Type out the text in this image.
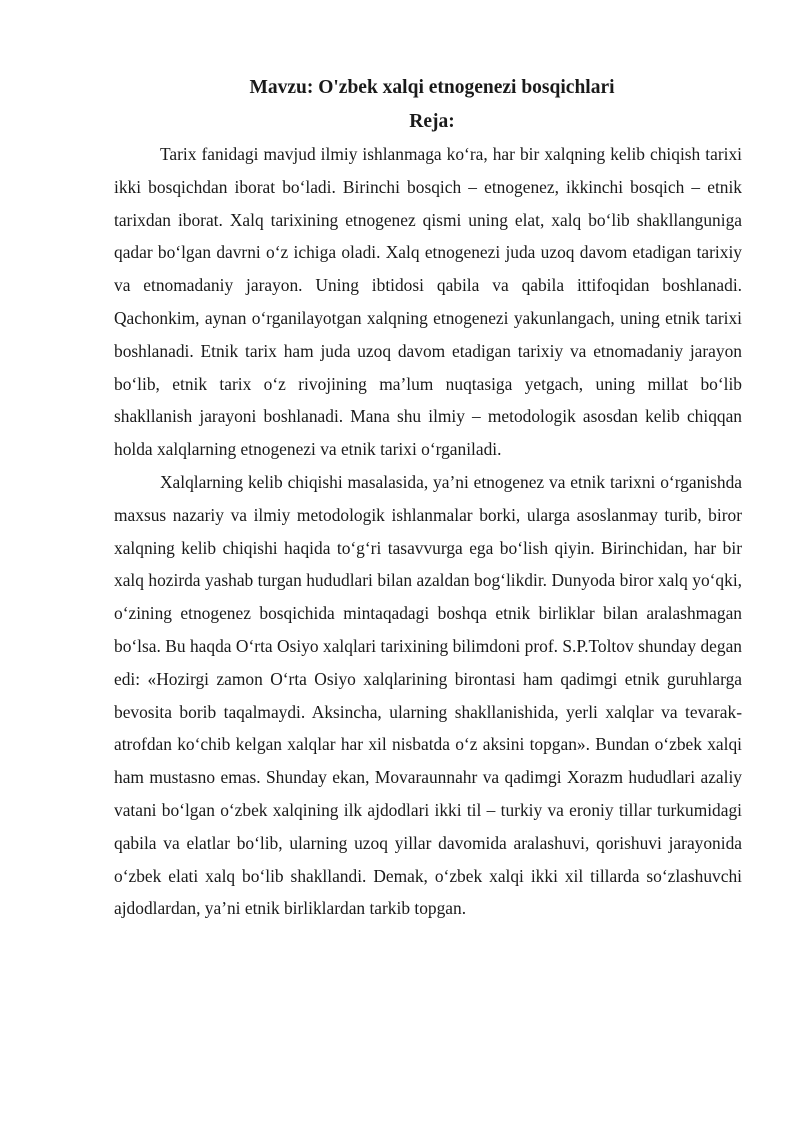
Mavzu: O'zbek xalqi etnogenezi bosqichlari
Reja:

Tarix fanidagi mavjud ilmiy ishlanmaga ko‘ra, har bir xalqning kelib chiqish tarixi ikki bosqichdan iborat bo‘ladi. Birinchi bosqich – etnogenez, ikkinchi bosqich – etnik tarixdan iborat. Xalq tarixining etnogenez qismi uning elat, xalq bo‘lib shakllanguniga qadar bo‘lgan davrni o‘z ichiga oladi. Xalq etnogenezi juda uzoq davom etadigan tarixiy va etnomadaniy jarayon. Uning ibtidosi qabila va qabila ittifoqidan boshlanadi. Qachonkim, aynan o‘rganilayotgan xalqning etnogenezi yakunlangach, uning etnik tarixi boshlanadi. Etnik tarix ham juda uzoq davom etadigan tarixiy va etnomadaniy jarayon bo‘lib, etnik tarix o‘z rivojining ma’lum nuqtasiga yetgach, uning millat bo‘lib shakllanish jarayoni boshlanadi. Mana shu ilmiy – metodologik asosdan kelib chiqqan holda xalqlarning etnogenezi va etnik tarixi o‘rganiladi.

Xalqlarning kelib chiqishi masalasida, ya’ni etnogenez va etnik tarixni o‘rganishda maxsus nazariy va ilmiy metodologik ishlanmalar borki, ularga asoslanmay turib, biror xalqning kelib chiqishi haqida to‘g‘ri tasavvurga ega bo‘lish qiyin. Birinchidan, har bir xalq hozirda yashab turgan hududlari bilan azaldan bog‘likdir. Dunyoda biror xalq yo‘qki, o‘zining etnogenez bosqichida mintaqadagi boshqa etnik birliklar bilan aralashmagan bo‘lsa. Bu haqda O‘rta Osiyo xalqlari tarixining bilimdoni prof. S.P.Toltov shunday degan edi: «Hozirgi zamon O‘rta Osiyo xalqlarining birontasi ham qadimgi etnik guruhlarga bevosita borib taqalmaydi. Aksincha, ularning shakllanishida, yerli xalqlar va tevarak-atrofdan ko‘chib kelgan xalqlar har xil nisbatda o‘z aksini topgan». Bundan o‘zbek xalqi ham mustasno emas. Shunday ekan, Movaraunnahr va qadimgi Xorazm hududlari azaliy vatani bo‘lgan o‘zbek xalqining ilk ajdodlari ikki til – turkiy va eroniy tillar turkumidagi qabila va elatlar bo‘lib, ularning uzoq yillar davomida aralashuvi, qorishuvi jarayonida o‘zbek elati xalq bo‘lib shakllandi. Demak, o‘zbek xalqi ikki xil tillarda so‘zlashuvchi ajdodlardan, ya’ni etnik birliklardan tarkib topgan.
